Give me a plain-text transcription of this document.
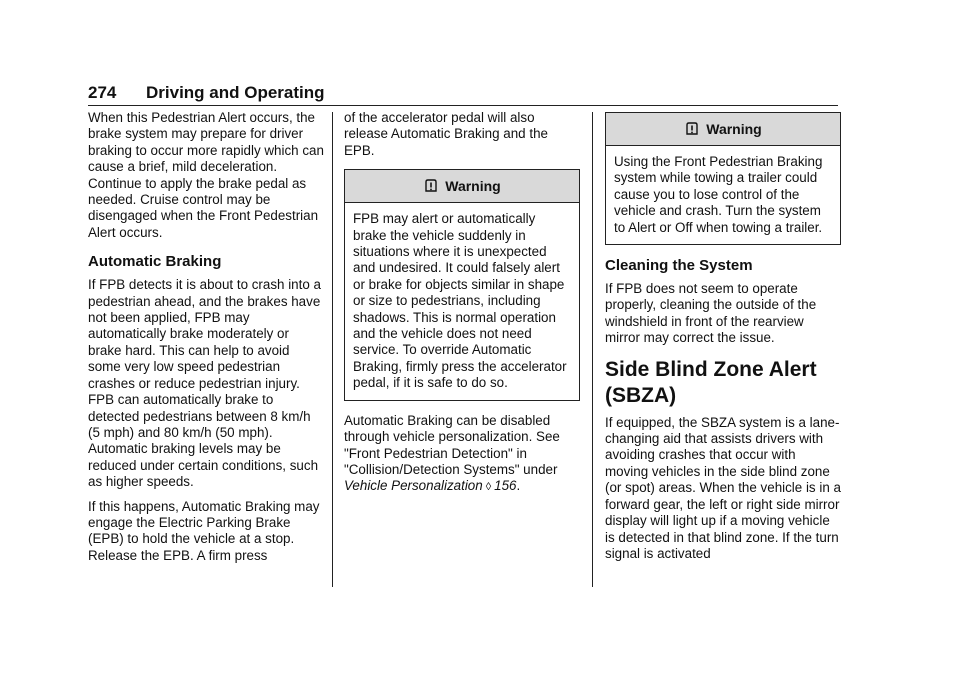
274 Driving and Operating

When this Pedestrian Alert occurs, the brake system may prepare for driver braking to occur more rapidly which can cause a brief, mild deceleration. Continue to apply the brake pedal as needed. Cruise control may be disengaged when the Front Pedestrian Alert occurs.

Automatic Braking

If FPB detects it is about to crash into a pedestrian ahead, and the brakes have not been applied, FPB may automatically brake moderately or brake hard. This can help to avoid some very low speed pedestrian crashes or reduce pedestrian injury. FPB can automatically brake to detected pedestrians between 8 km/h (5 mph) and 80 km/h (50 mph). Automatic braking levels may be reduced under certain conditions, such as higher speeds.

If this happens, Automatic Braking may engage the Electric Parking Brake (EPB) to hold the vehicle at a stop. Release the EPB. A firm press

of the accelerator pedal will also release Automatic Braking and the EPB.

Warning
FPB may alert or automatically brake the vehicle suddenly in situations where it is unexpected and undesired. It could falsely alert or brake for objects similar in shape or size to pedestrians, including shadows. This is normal operation and the vehicle does not need service. To override Automatic Braking, firmly press the accelerator pedal, if it is safe to do so.

Automatic Braking can be disabled through vehicle personalization. See "Front Pedestrian Detection" in "Collision/Detection Systems" under Vehicle Personalization ◊ 156.

Warning
Using the Front Pedestrian Braking system while towing a trailer could cause you to lose control of the vehicle and crash. Turn the system to Alert or Off when towing a trailer.
Cleaning the System

If FPB does not seem to operate properly, cleaning the outside of the windshield in front of the rearview mirror may correct the issue.

Side Blind Zone Alert (SBZA)

If equipped, the SBZA system is a lane-changing aid that assists drivers with avoiding crashes that occur with moving vehicles in the side blind zone (or spot) areas. When the vehicle is in a forward gear, the left or right side mirror display will light up if a moving vehicle is detected in that blind zone. If the turn signal is activated
